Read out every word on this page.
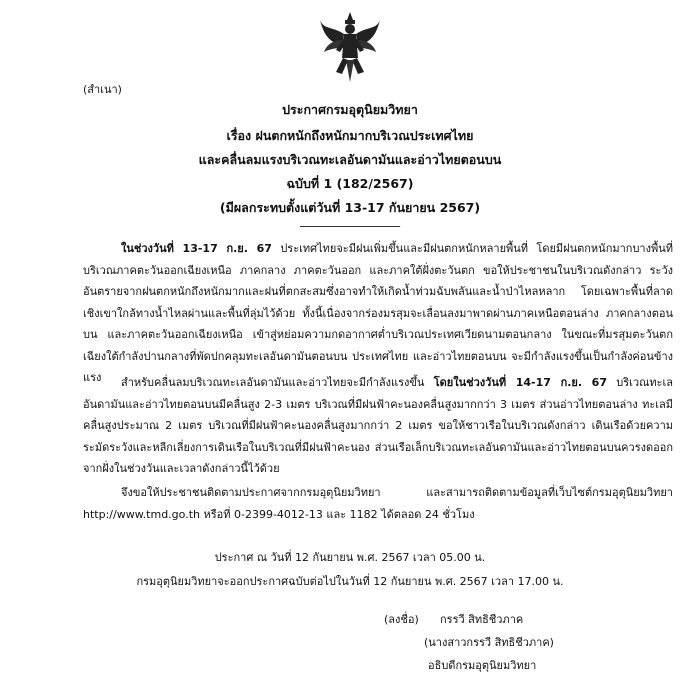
(สำเนา)
ประกาศกรมอุตุนิยมวิทยา
เรื่อง ฝนตกหนักถึงหนักมากบริเวณประเทศไทย
และคลื่นลมแรงบริเวณทะเลอันดามันและอ่าวไทยตอนบน
ฉบับที่ 1 (182/2567)
(มีผลกระทบตั้งแต่วันที่ 13-17 กันยายน 2567)
________________

ในช่วงวันที่ 13-17 ก.ย. 67 ประเทศไทยจะมีฝนเพิ่มขึ้นและมีฝนตกหนักหลายพื้นที่ โดยมีฝนตกหนักมากบางพื้นที่บริเวณภาคตะวันออกเฉียงเหนือ ภาคกลาง ภาคตะวันออก และภาคใต้ฝั่งตะวันตก ขอให้ประชาชนในบริเวณดังกล่าว ระวังอันตรายจากฝนตกหนักถึงหนักมากและฝนที่ตกสะสมซึ่งอาจทำให้เกิดน้ำท่วมฉับพลันและน้ำป่าไหลหลาก โดยเฉพาะพื้นที่ลาดเชิงเขาใกล้ทางน้ำไหลผ่านและพื้นที่ลุ่มไว้ด้วย ทั้งนี้เนื่องจากร่องมรสุมจะเลื่อนลงมาพาดผ่านภาคเหนือตอนล่าง ภาคกลางตอนบน และภาคตะวันออกเฉียงเหนือ เข้าสู่หย่อมความกดอากาศต่ำบริเวณประเทศเวียดนามตอนกลาง ในขณะที่มรสุมตะวันตกเฉียงใต้กำลังปานกลางที่พัดปกคลุมทะเลอันดามันตอนบน ประเทศไทย และอ่าวไทยตอนบน จะมีกำลังแรงขึ้นเป็นกำลังค่อนข้างแรง	สำหรับคลื่นลมบริเวณทะเลอันดามันและอ่าวไทยจะมีกำลังแรงขึ้น โดยในช่วงวันที่ 14-17 ก.ย. 67 บริเวณทะเลอันดามันและอ่าวไทยตอนบนมีคลื่นสูง 2-3 เมตร บริเวณที่มีฝนฟ้าคะนองคลื่นสูงมากกว่า 3 เมตร ส่วนอ่าวไทยตอนล่าง ทะเลมีคลื่นสูงประมาณ 2 เมตร บริเวณที่มีฝนฟ้าคะนองคลื่นสูงมากกว่า 2 เมตร ขอให้ชาวเรือในบริเวณดังกล่าว เดินเรือด้วยความระมัดระวังและหลีกเลี่ยงการเดินเรือในบริเวณที่มีฝนฟ้าคะนอง ส่วนเรือเล็กบริเวณทะเลอันดามันและอ่าวไทยตอนบนควรงดออกจากฝั่งในช่วงวันและเวลาดังกล่าวนี้ไว้ด้วย

จึงขอให้ประชาชนติดตามประกาศจากกรมอุตุนิยมวิทยา และสามารถติดตามข้อมูลที่เว็บไซต์กรมอุตุนิยมวิทยา http://www.tmd.go.th หรือที่ 0-2399-4012-13 และ 1182 ได้ตลอด 24 ชั่วโมง

ประกาศ ณ วันที่ 12 กันยายน พ.ศ. 2567 เวลา 05.00 น.
กรมอุตุนิยมวิทยาจะออกประกาศฉบับต่อไปในวันที่ 12 กันยายน พ.ศ. 2567 เวลา 17.00 น.
(ลงชื่อ) กรรวี สิทธิชีวภาค
(นางสาวกรรวี สิทธิชีวภาค)
อธิบดีกรมอุตุนิยมวิทยา
